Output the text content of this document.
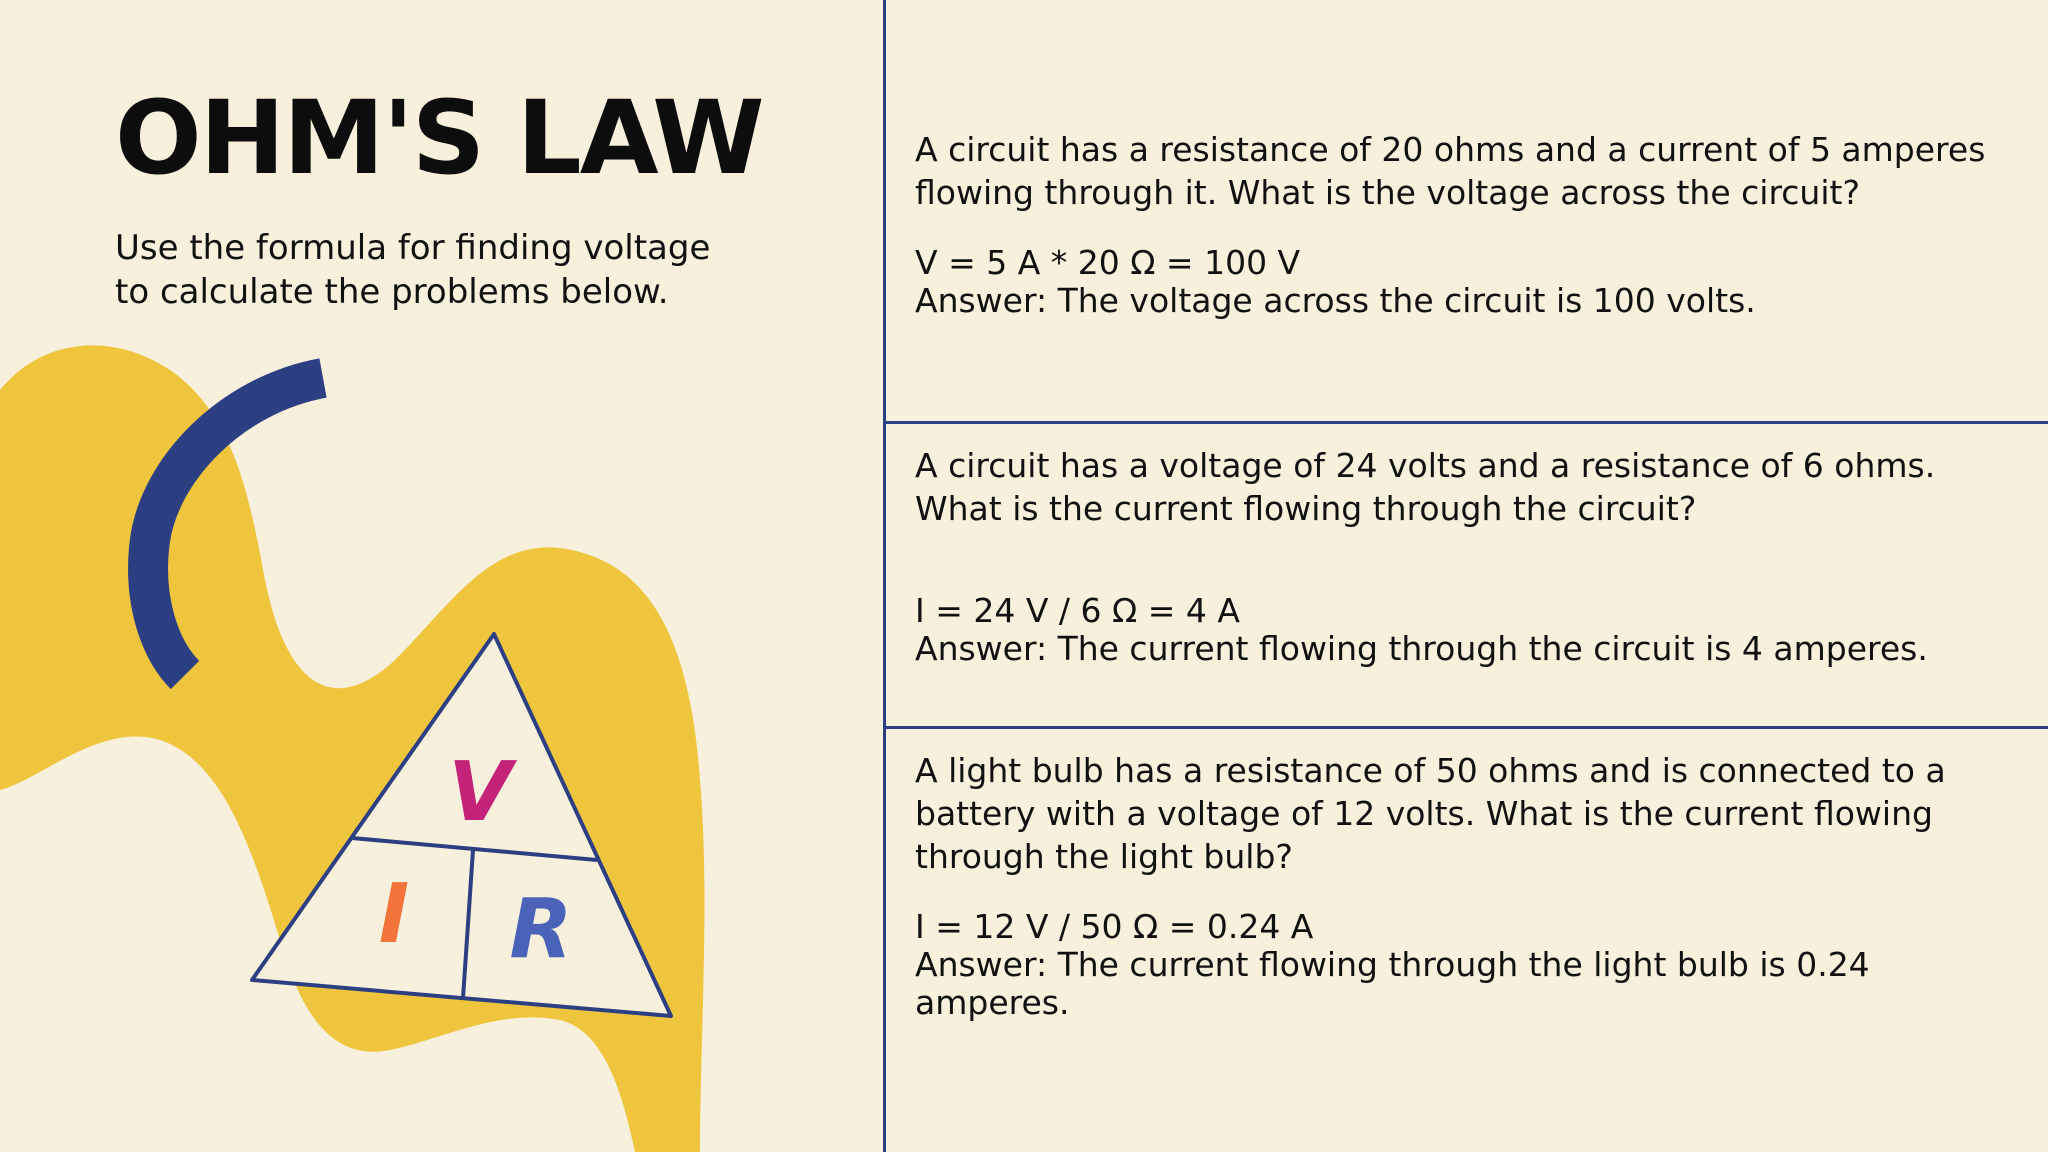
V
I R
OHM'S LAW

Use the formula for finding voltage to calculate the problems below.

A circuit has a resistance of 20 ohms and a current of 5 amperes flowing through it. What is the voltage across the circuit?

V = 5 A * 20 Ω = 100 V

Answer: The voltage across the circuit is 100 volts.

A circuit has a voltage of 24 volts and a resistance of 6 ohms. What is the current flowing through the circuit?

I = 24 V / 6 Ω = 4 A

Answer: The current flowing through the circuit is 4 amperes.

A light bulb has a resistance of 50 ohms and is connected to a battery with a voltage of 12 volts. What is the current flowing through the light bulb?

I = 12 V / 50 Ω = 0.24 A

Answer: The current flowing through the light bulb is 0.24 amperes.
